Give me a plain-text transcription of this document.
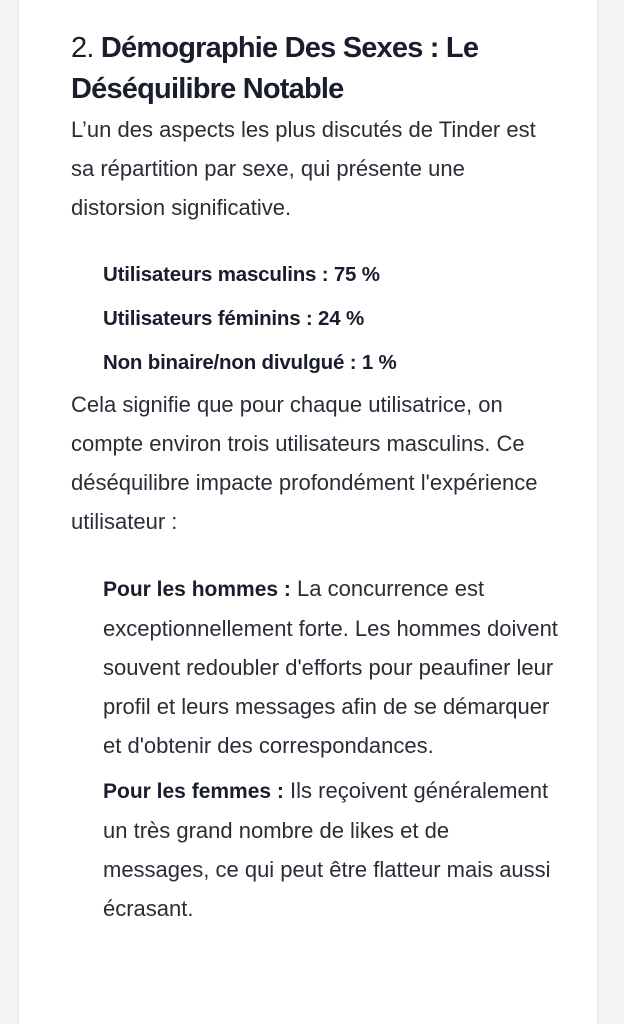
2. Démographie Des Sexes : Le Déséquilibre Notable

L’un des aspects les plus discutés de Tinder est sa répartition par sexe, qui présente une distorsion significative.

Utilisateurs masculins : 75 %
Utilisateurs féminins : 24 %
Non binaire/non divulgué : 1 %

Cela signifie que pour chaque utilisatrice, on compte environ trois utilisateurs masculins. Ce déséquilibre impacte profondément l'expérience utilisateur :

Pour les hommes : La concurrence est exceptionnellement forte. Les hommes doivent souvent redoubler d'efforts pour peaufiner leur profil et leurs messages afin de se démarquer et d'obtenir des correspondances.
Pour les femmes : Ils reçoivent généralement un très grand nombre de likes et de messages, ce qui peut être flatteur mais aussi écrasant.
